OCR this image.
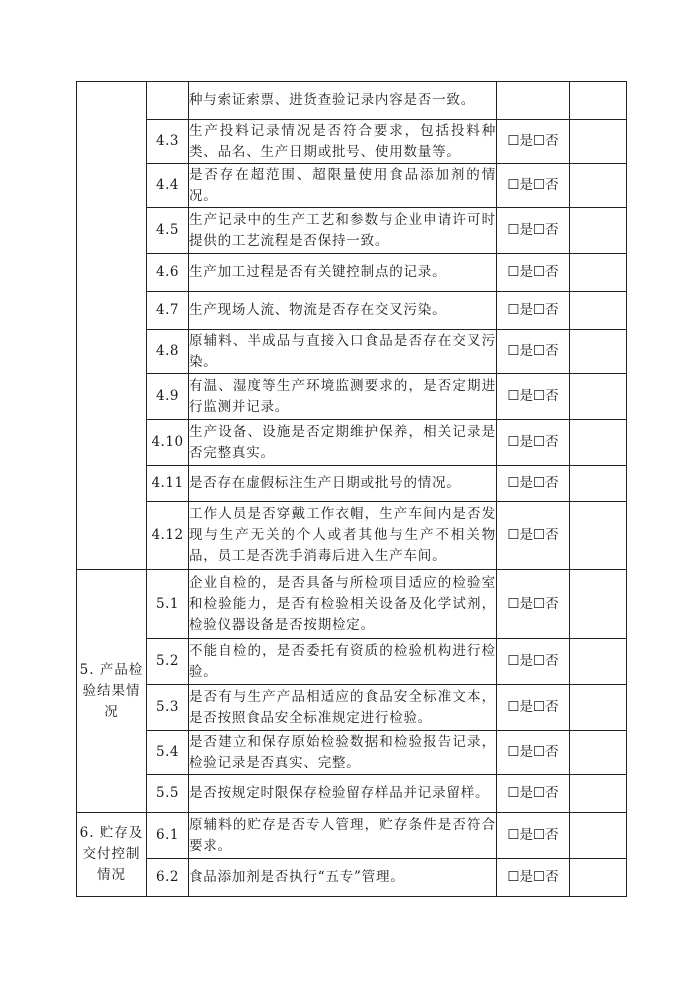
		种与索证索票、进货查验记录内容是否一致。		
	4.3	生产投料记录情况是否符合要求，包括投料种类、品名、生产日期或批号、使用数量等。	☐是☐否	
	4.4	是否存在超范围、超限量使用食品添加剂的情况。	☐是☐否	
	4.5	生产记录中的生产工艺和参数与企业申请许可时提供的工艺流程是否保持一致。	☐是☐否	
	4.6	生产加工过程是否有关键控制点的记录。	☐是☐否	
	4.7	生产现场人流、物流是否存在交叉污染。	☐是☐否	
	4.8	原辅料、半成品与直接入口食品是否存在交叉污染。	☐是☐否	
	4.9	有温、湿度等生产环境监测要求的，是否定期进行监测并记录。	☐是☐否	
	4.10	生产设备、设施是否定期维护保养，相关记录是否完整真实。	☐是☐否	
	4.11	是否存在虚假标注生产日期或批号的情况。	☐是☐否	
	4.12	工作人员是否穿戴工作衣帽，生产车间内是否发现与生产无关的个人或者其他与生产不相关物品，员工是否洗手消毒后进入生产车间。	☐是☐否	
5. 产品检验结果情况	5.1	企业自检的，是否具备与所检项目适应的检验室和检验能力，是否有检验相关设备及化学试剂，检验仪器设备是否按期检定。	☐是☐否	
	5.2	不能自检的，是否委托有资质的检验机构进行检验。	☐是☐否	
	5.3	是否有与生产产品相适应的食品安全标准文本，是否按照食品安全标准规定进行检验。	☐是☐否	
	5.4	是否建立和保存原始检验数据和检验报告记录，检验记录是否真实、完整。	☐是☐否	
	5.5	是否按规定时限保存检验留存样品并记录留样。	☐是☐否	
6. 贮存及交付控制情况	6.1	原辅料的贮存是否专人管理，贮存条件是否符合要求。	☐是☐否	
	6.2	食品添加剂是否执行“五专”管理。	☐是☐否	
